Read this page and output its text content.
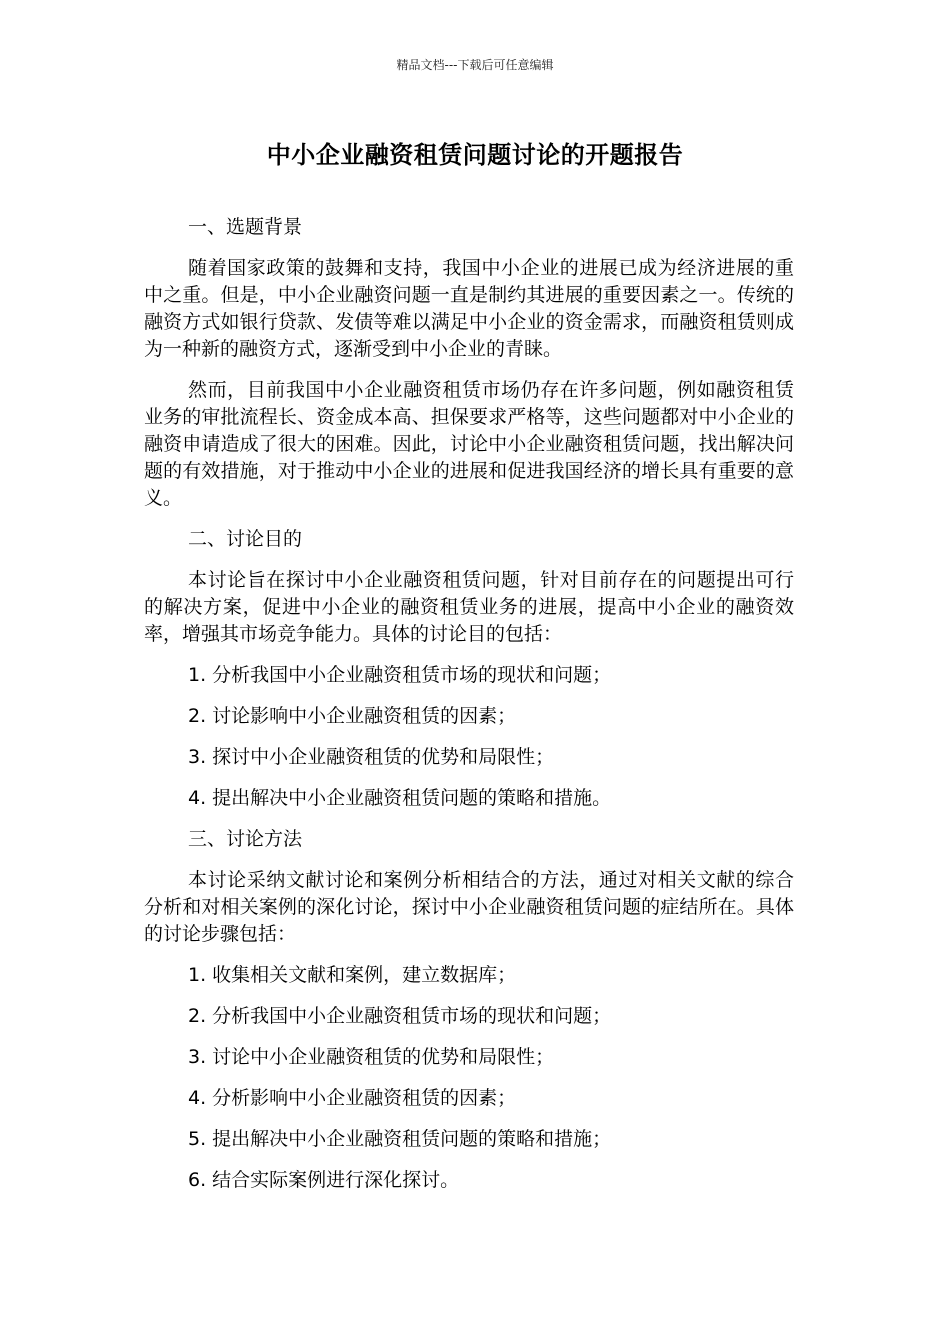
精品文档---下载后可任意编辑
中小企业融资租赁问题讨论的开题报告

一、选题背景

随着国家政策的鼓舞和支持，我国中小企业的进展已成为经济进展的重中之重。但是，中小企业融资问题一直是制约其进展的重要因素之一。传统的融资方式如银行贷款、发债等难以满足中小企业的资金需求，而融资租赁则成为一种新的融资方式，逐渐受到中小企业的青睐。

然而，目前我国中小企业融资租赁市场仍存在许多问题，例如融资租赁业务的审批流程长、资金成本高、担保要求严格等，这些问题都对中小企业的融资申请造成了很大的困难。因此，讨论中小企业融资租赁问题，找出解决问题的有效措施，对于推动中小企业的进展和促进我国经济的增长具有重要的意义。

二、讨论目的

本讨论旨在探讨中小企业融资租赁问题，针对目前存在的问题提出可行的解决方案，促进中小企业的融资租赁业务的进展，提高中小企业的融资效率，增强其市场竞争能力。具体的讨论目的包括：

1. 分析我国中小企业融资租赁市场的现状和问题；
2. 讨论影响中小企业融资租赁的因素；
3. 探讨中小企业融资租赁的优势和局限性；
4. 提出解决中小企业融资租赁问题的策略和措施。

三、讨论方法

本讨论采纳文献讨论和案例分析相结合的方法，通过对相关文献的综合分析和对相关案例的深化讨论，探讨中小企业融资租赁问题的症结所在。具体的讨论步骤包括：

1. 收集相关文献和案例，建立数据库；
2. 分析我国中小企业融资租赁市场的现状和问题；
3. 讨论中小企业融资租赁的优势和局限性；
4. 分析影响中小企业融资租赁的因素；
5. 提出解决中小企业融资租赁问题的策略和措施；
6. 结合实际案例进行深化探讨。
